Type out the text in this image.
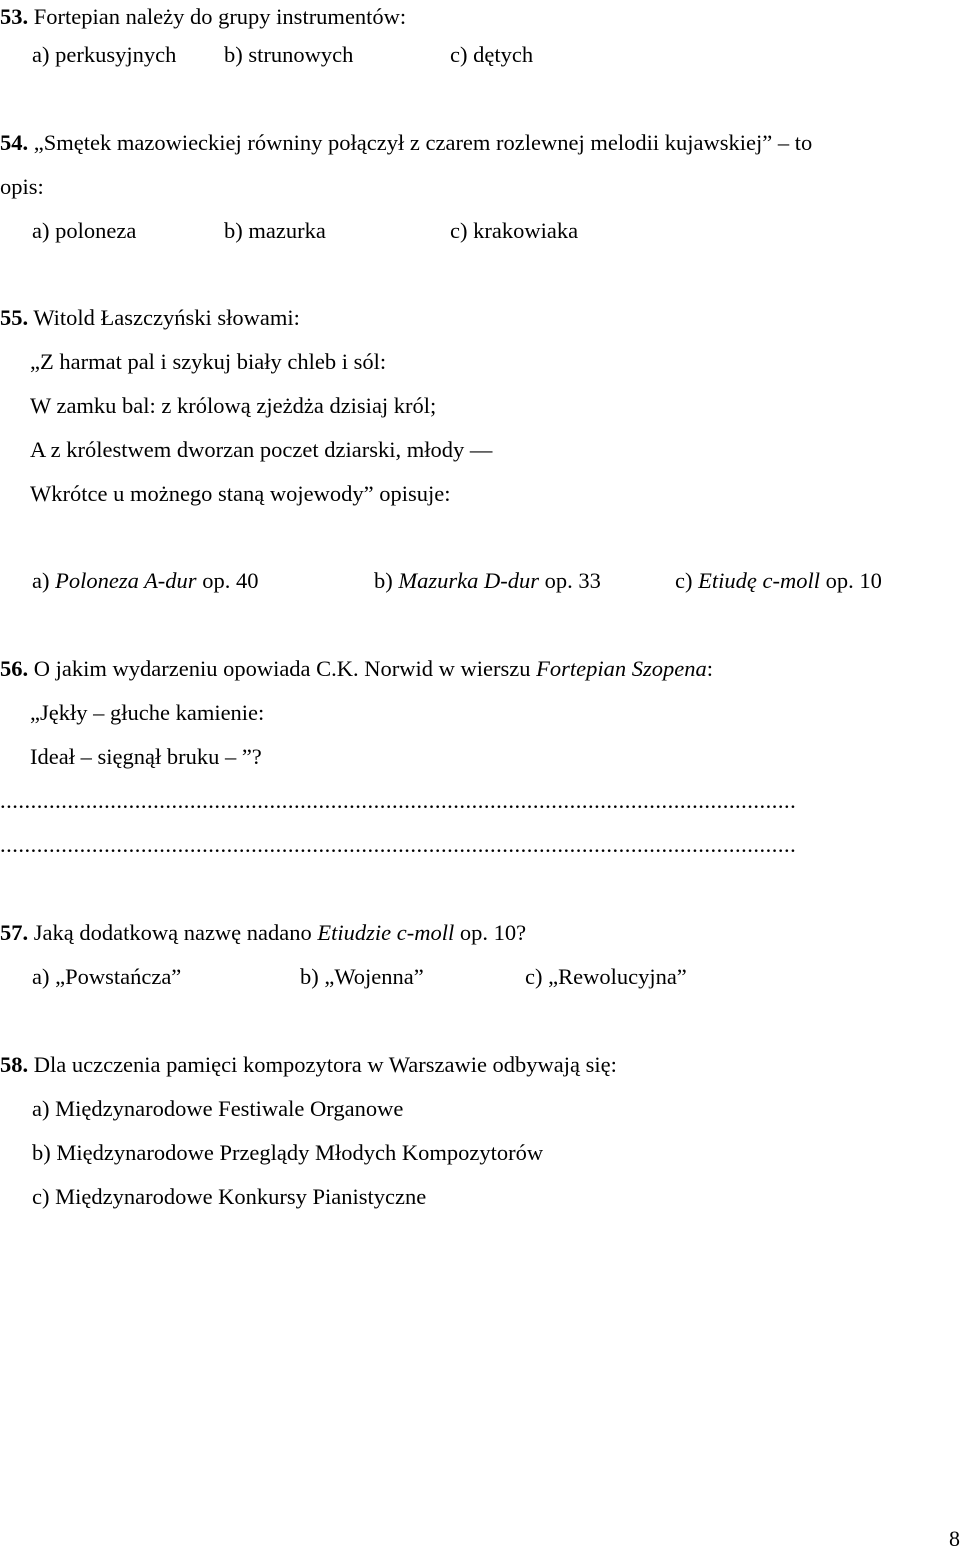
53. Fortepian należy do grupy instrumentów:
a) perkusyjnych b) strunowych	c) dętych
54. „Smętek mazowieckiej równiny połączył z czarem rozlewnej melodii kujawskiej” – to
opis:
a) poloneza	b) mazurka	c) krakowiaka
55. Witold Łaszczyński słowami:
„Z harmat pal i szykuj biały chleb i sól:
W zamku bal: z królową zjeżdża dzisiaj król;
A z królestwem dworzan poczet dziarski, młody —
Wkrótce u możnego staną wojewody” opisuje:
a) Poloneza A-dur op. 40	b) Mazurka D-dur op. 33	c) Etiudę c-moll op. 10
56. O jakim wydarzeniu opowiada C.K. Norwid w wierszu Fortepian Szopena:
„Jękły – głuche kamienie:
Ideał – sięgnął bruku – ”?
..................................................................................................................................
..................................................................................................................................
57. Jaką dodatkową nazwę nadano Etiudzie c-moll op. 10?
a) „Powstańcza”	b) „Wojenna”	c) „Rewolucyjna”
58. Dla uczczenia pamięci kompozytora w Warszawie odbywają się:
a) Międzynarodowe Festiwale Organowe
b) Międzynarodowe Przeglądy Młodych Kompozytorów
c) Międzynarodowe Konkursy Pianistyczne
8
